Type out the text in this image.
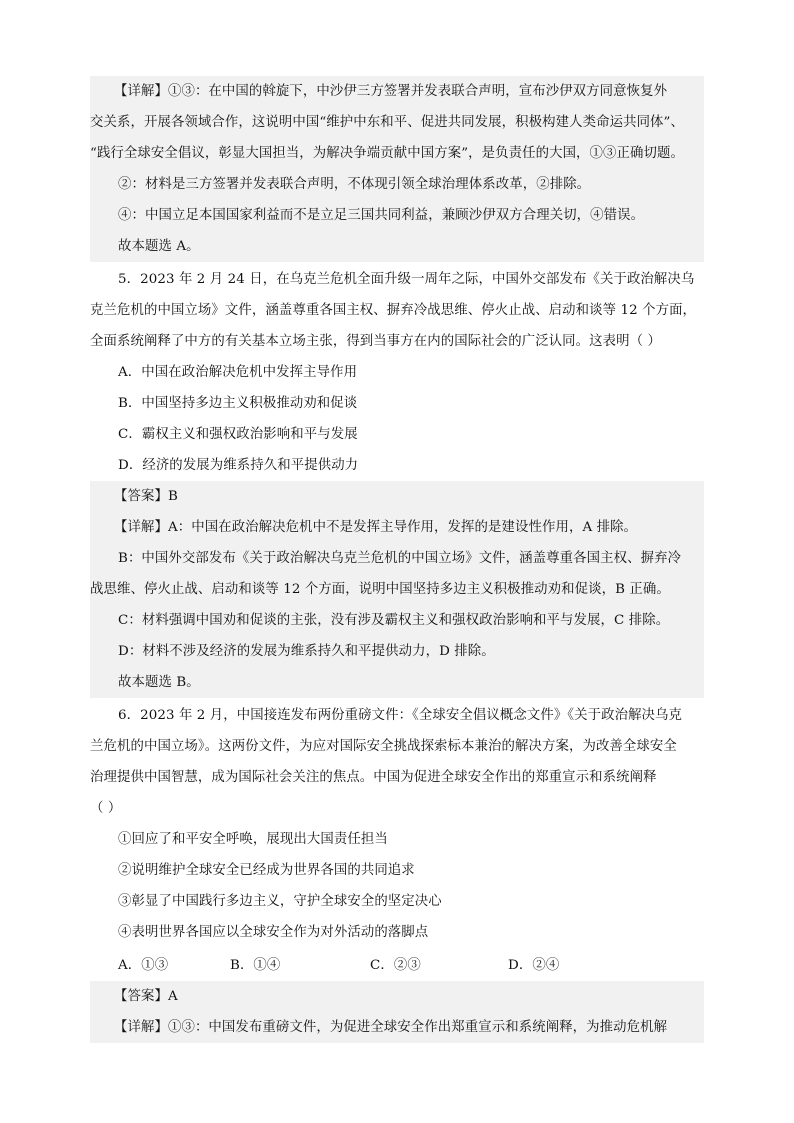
【详解】①③：在中国的斡旋下，中沙伊三方签署并发表联合声明，宣布沙伊双方同意恢复外
交关系，开展各领域合作，这说明中国“维护中东和平、促进共同发展，积极构建人类命运共同体”、
“践行全球安全倡议，彰显大国担当，为解决争端贡献中国方案”，是负责任的大国，①③正确切题。
②：材料是三方签署并发表联合声明，不体现引领全球治理体系改革，②排除。
④：中国立足本国国家利益而不是立足三国共同利益，兼顾沙伊双方合理关切，④错误。
故本题选 A。
5．2023 年 2 月 24 日，在乌克兰危机全面升级一周年之际，中国外交部发布《关于政治解决乌
克兰危机的中国立场》文件，涵盖尊重各国主权、摒弃冷战思维、停火止战、启动和谈等 12 个方面，
全面系统阐释了中方的有关基本立场主张，得到当事方在内的国际社会的广泛认同。这表明（ ）
A．中国在政治解决危机中发挥主导作用
B．中国坚持多边主义积极推动劝和促谈
C．霸权主义和强权政治影响和平与发展
D．经济的发展为维系持久和平提供动力
【答案】B
【详解】A：中国在政治解决危机中不是发挥主导作用，发挥的是建设性作用，A 排除。
B：中国外交部发布《关于政治解决乌克兰危机的中国立场》文件，涵盖尊重各国主权、摒弃冷
战思维、停火止战、启动和谈等 12 个方面，说明中国坚持多边主义积极推动劝和促谈，B 正确。
C：材料强调中国劝和促谈的主张，没有涉及霸权主义和强权政治影响和平与发展，C 排除。
D：材料不涉及经济的发展为维系持久和平提供动力，D 排除。
故本题选 B。
6．2023 年 2 月，中国接连发布两份重磅文件：《全球安全倡议概念文件》《关于政治解决乌克
兰危机的中国立场》。这两份文件，为应对国际安全挑战探索标本兼治的解决方案，为改善全球安全
治理提供中国智慧，成为国际社会关注的焦点。中国为促进全球安全作出的郑重宣示和系统阐释
（ ）
①回应了和平安全呼唤，展现出大国责任担当
②说明维护全球安全已经成为世界各国的共同追求
③彰显了中国践行多边主义，守护全球安全的坚定决心
④表明世界各国应以全球安全作为对外活动的落脚点
A．①③	B．①④	C．②③	D．②④
【答案】A
【详解】①③：中国发布重磅文件，为促进全球安全作出郑重宣示和系统阐释，为推动危机解
